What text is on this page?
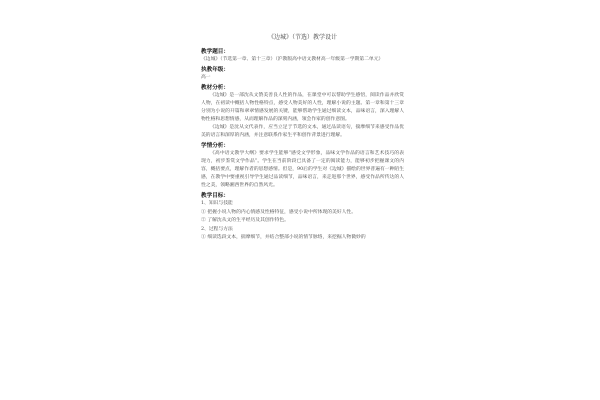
《边城》（节选）教学设计

教学题目：

《边城》（节选第一章、第十三章）（沪教版高中语文教材高一年级第一学期第二单元）

执教年级：

高一

教材分析：

《边城》是一部沈从文赞美善良人性的作品，在课堂中可以帮助学生感悟，阅读作品并欣赏人物，在初读中概括人物性格特点，感受人物美好的人性，理解小说的主题。第一章和第十三章分别为小说的开篇和翠翠情感发展的关键，能够帮助学生通过细读文本，品味语言，深入理解人物性格和思想情感，从而理解作品的深刻内涵，领会作家的创作意图。

《边城》是沈从文代表作，应当立足于节选的文本，通过品读语句，揣摩细节来感受作品优美的语言和深厚的内涵，并注意联系作家生平和创作背景进行理解。

学情分析：

《高中语文教学大纲》要求学生能够“感受文学形象，品味文学作品的语言和艺术技巧的表现力，初步鉴赏文学作品”。学生在当前阶段已具备了一定的阅读能力，能够初步把握课文的内容，概括要点，理解作者的思想感情。但是，90后的学生对《边城》描绘的世界普遍有一种陌生感，在教学中要重视引导学生通过品读细节，品味语言，来走进那个世界，感受作品所传达的人性之美，领略湘西世界的自然风光。

教学目标：

1、知识与技能

① 把握小说人物的内心情感及性格特征，感受小说中所体现的美好人性。

② 了解沈从文的生平经历及其创作特色。

2、过程与方法

① 细读选段文本，揣摩细节，并结合整部小说的情节脉络，来挖掘人物微妙的
